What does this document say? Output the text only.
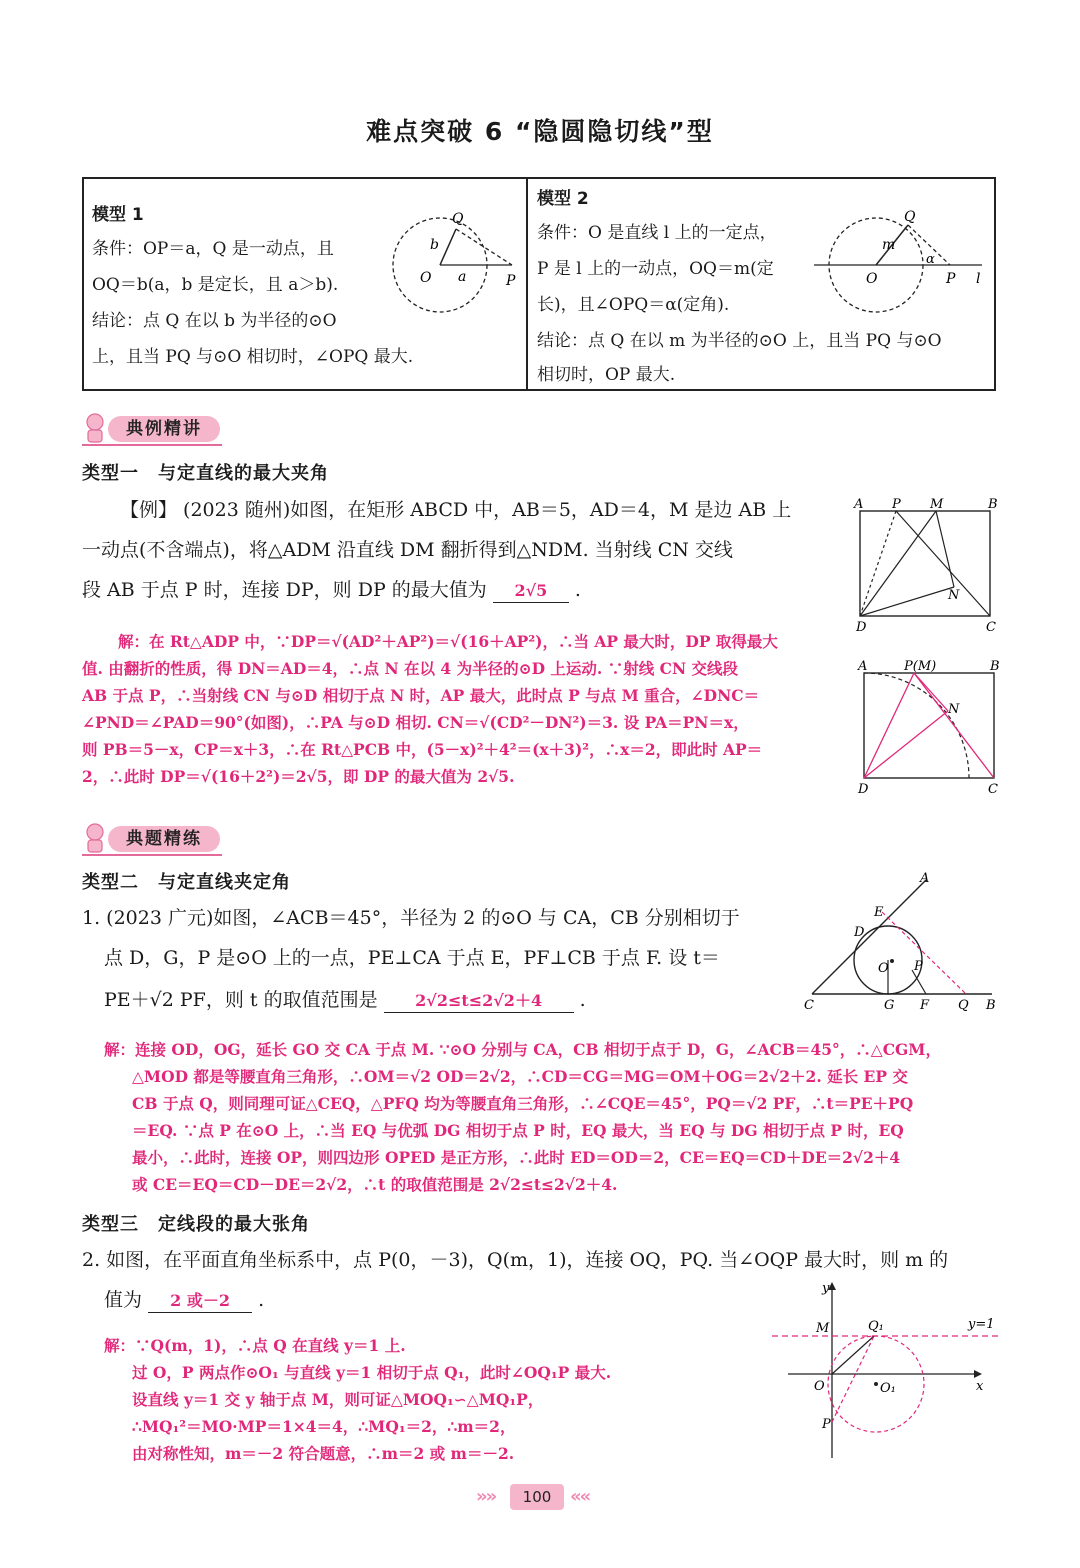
难点突破 6 “隐圆隐切线”型
模型 1
条件：OP＝a，Q 是一动点，且
OQ＝b(a，b 是定长，且 a＞b).
结论：点 Q 在以 b 为半径的⊙O
上，且当 PQ 与⊙O 相切时，∠OPQ 最大.
Q
O	P
a
b
模型 2
条件：O 是直线 l 上的一定点，
P 是 l 上的一动点，OQ＝m(定
长)，且∠OPQ＝α(定角).
结论：点 Q 在以 m 为半径的⊙O 上，且当 PQ 与⊙O
相切时，OP 最大.
Q
O	P
m
α
l
典例精讲
类型一　与定直线的最大夹角
【例】 (2023 随州)如图，在矩形 ABCD 中，AB＝5，AD＝4，M 是边 AB 上
一动点(不含端点)，将△ADM 沿直线 DM 翻折得到△NDM. 当射线 CN 交线
段 AB 于点 P 时，连接 DP，则 DP 的最大值为 2√5 .
A P M	B
N
D	C
解：在 Rt△ADP 中，∵DP＝√(AD²＋AP²)＝√(16＋AP²)，∴当 AP 最大时，DP 取得最大
值. 由翻折的性质，得 DN＝AD＝4，∴点 N 在以 4 为半径的⊙D 上运动. ∵射线 CN 交线段
AB 于点 P，∴当射线 CN 与⊙D 相切于点 N 时，AP 最大，此时点 P 与点 M 重合，∠DNC＝
∠PND＝∠PAD＝90°(如图)，∴PA 与⊙D 相切. CN＝√(CD²－DN²)＝3. 设 PA＝PN＝x，
则 PB＝5－x，CP＝x＋3，∴在 Rt△PCB 中，(5－x)²＋4²＝(x＋3)²，∴x＝2，即此时 AP＝
2，∴此时 DP＝√(16＋2²)＝2√5，即 DP 的最大值为 2√5.
A	P(M)	B
N
D	C
典题精练
类型二　与定直线夹定角
1. (2023 广元)如图，∠ACB＝45°，半径为 2 的⊙O 与 CA，CB 分别相切于
点 D，G，P 是⊙O 上的一点，PE⊥CA 于点 E，PF⊥CB 于点 F. 设 t＝
PE＋√2 PF，则 t 的取值范围是 2√2≤t≤2√2＋4 .
A
E
D
O P
C	G F Q B
解：连接 OD，OG，延长 GO 交 CA 于点 M. ∵⊙O 分别与 CA，CB 相切于点于 D，G，∠ACB＝45°，∴△CGM，
△MOD 都是等腰直角三角形，∴OM＝√2 OD＝2√2，∴CD＝CG＝MG＝OM＋OG＝2√2＋2. 延长 EP 交
CB 于点 Q，则同理可证△CEQ，△PFQ 均为等腰直角三角形，∴∠CQE＝45°，PQ＝√2 PF，∴t＝PE＋PQ
＝EQ. ∵点 P 在⊙O 上，∴当 EQ 与优弧 DG 相切于点 P 时，EQ 最大，当 EQ 与 DG 相切于点 P 时，EQ
最小，∴此时，连接 OP，则四边形 OPED 是正方形，∴此时 ED＝OD＝2，CE＝EQ＝CD＋DE＝2√2＋4
或 CE＝EQ＝CD－DE＝2√2，∴t 的取值范围是 2√2≤t≤2√2＋4.
类型三　定线段的最大张角
2. 如图，在平面直角坐标系中，点 P(0，－3)，Q(m，1)，连接 OQ，PQ. 当∠OQP 最大时，则 m 的
值为 2 或－2 .
解：∵Q(m，1)，∴点 Q 在直线 y＝1 上.
过 O，P 两点作⊙O₁ 与直线 y＝1 相切于点 Q₁，此时∠OQ₁P 最大.
设直线 y＝1 交 y 轴于点 M，则可证△MOQ₁∽△MQ₁P，
∴MQ₁²＝MO·MP＝1×4＝4，∴MQ₁＝2，∴m＝2，
由对称性知，m＝－2 符合题意，∴m＝2 或 m＝－2.
y
M	Q₁	y=1
O	x
O₁
P
»»	100	««
